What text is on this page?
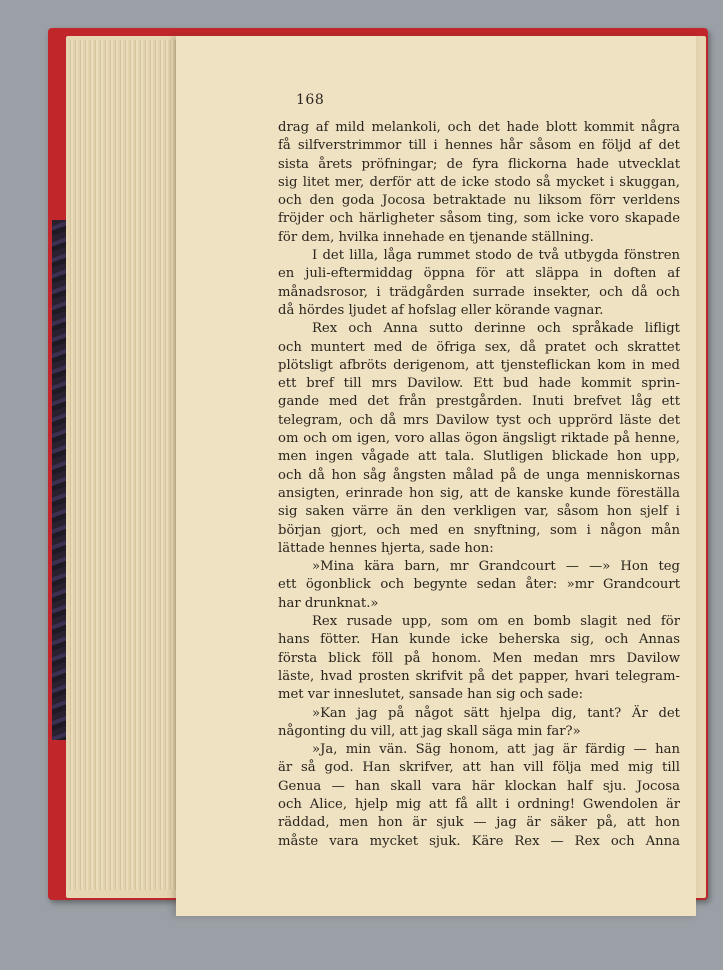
168
drag af mild melankoli, och det hade blott kommit några
få silfverstrimmor till i hennes hår såsom en följd af det
sista årets pröfningar; de fyra flickorna hade utvecklat
sig litet mer, derför att de icke stodo så mycket i skuggan,
och den goda Jocosa betraktade nu liksom förr verldens
fröjder och härligheter såsom ting, som icke voro skapade
för dem, hvilka innehade en tjenande ställning.
I det lilla, låga rummet stodo de två utbygda fönstren
en juli-eftermiddag öppna för att släppa in doften af
månadsrosor, i trädgården surrade insekter, och då och
då hördes ljudet af hofslag eller körande vagnar.
Rex och Anna sutto derinne och språkade lifligt
och muntert med de öfriga sex, då pratet och skrattet
plötsligt afbröts derigenom, att tjensteflickan kom in med
ett bref till mrs Davilow. Ett bud hade kommit sprin-
gande med det från prestgården. Inuti brefvet låg ett
telegram, och då mrs Davilow tyst och upprörd läste det
om och om igen, voro allas ögon ängsligt riktade på henne,
men ingen vågade att tala. Slutligen blickade hon upp,
och då hon såg ångsten målad på de unga menniskornas
ansigten, erinrade hon sig, att de kanske kunde föreställa
sig saken värre än den verkligen var, såsom hon sjelf i
början gjort, och med en snyftning, som i någon mån
lättade hennes hjerta, sade hon:
»Mina kära barn, mr Grandcourt — —» Hon teg
ett ögonblick och begynte sedan åter: »mr Grandcourt
har drunknat.»
Rex rusade upp, som om en bomb slagit ned för
hans fötter. Han kunde icke beherska sig, och Annas
första blick föll på honom. Men medan mrs Davilow
läste, hvad prosten skrifvit på det papper, hvari telegram-
met var inneslutet, sansade han sig och sade:
»Kan jag på något sätt hjelpa dig, tant? Är det
någonting du vill, att jag skall säga min far?»
»Ja, min vän. Säg honom, att jag är färdig — han
är så god. Han skrifver, att han vill följa med mig till
Genua — han skall vara här klockan half sju. Jocosa
och Alice, hjelp mig att få allt i ordning! Gwendolen är
räddad, men hon är sjuk — jag är säker på, att hon
måste vara mycket sjuk. Käre Rex — Rex och Anna
